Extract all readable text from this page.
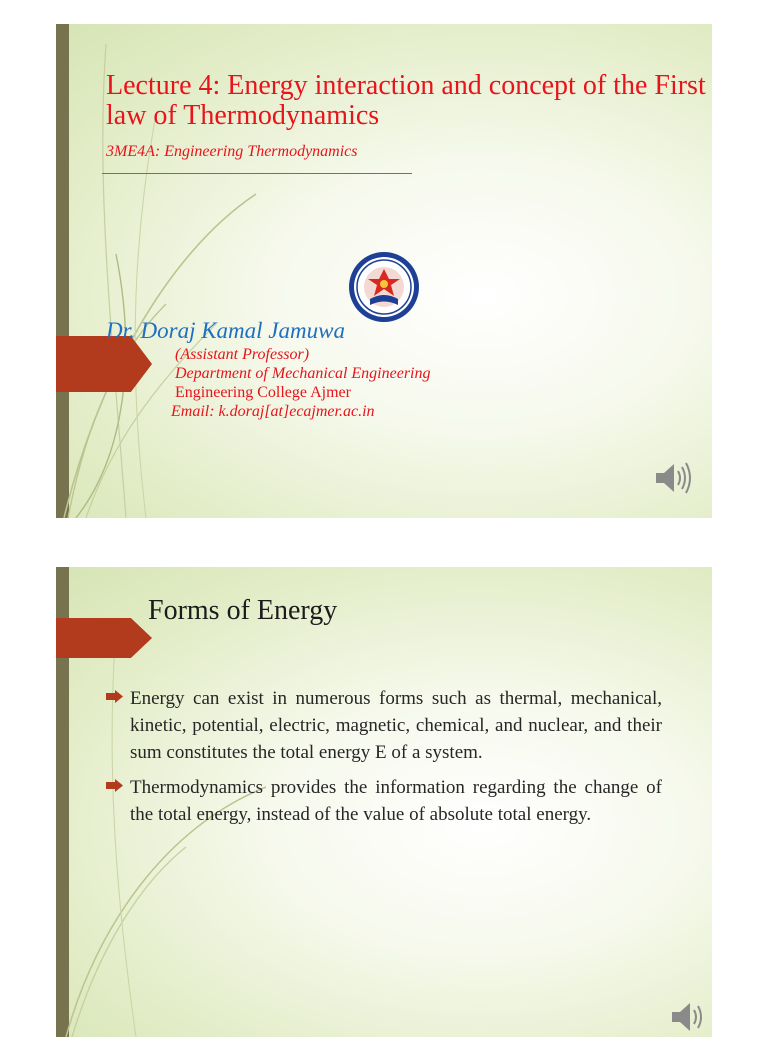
Lecture 4: Energy interaction and concept of the First law of Thermodynamics
3ME4A: Engineering Thermodynamics
Dr. Doraj Kamal Jamuwa
(Assistant Professor)
Department of Mechanical Engineering
Engineering College Ajmer
Email: k.doraj[at]ecajmer.ac.in
Forms of Energy
Energy can exist in numerous forms such as thermal, mechanical, kinetic, potential, electric, magnetic, chemical, and nuclear, and their sum constitutes the total energy E of a system.
Thermodynamics provides the information regarding the change of the total energy, instead of the value of absolute total energy.
